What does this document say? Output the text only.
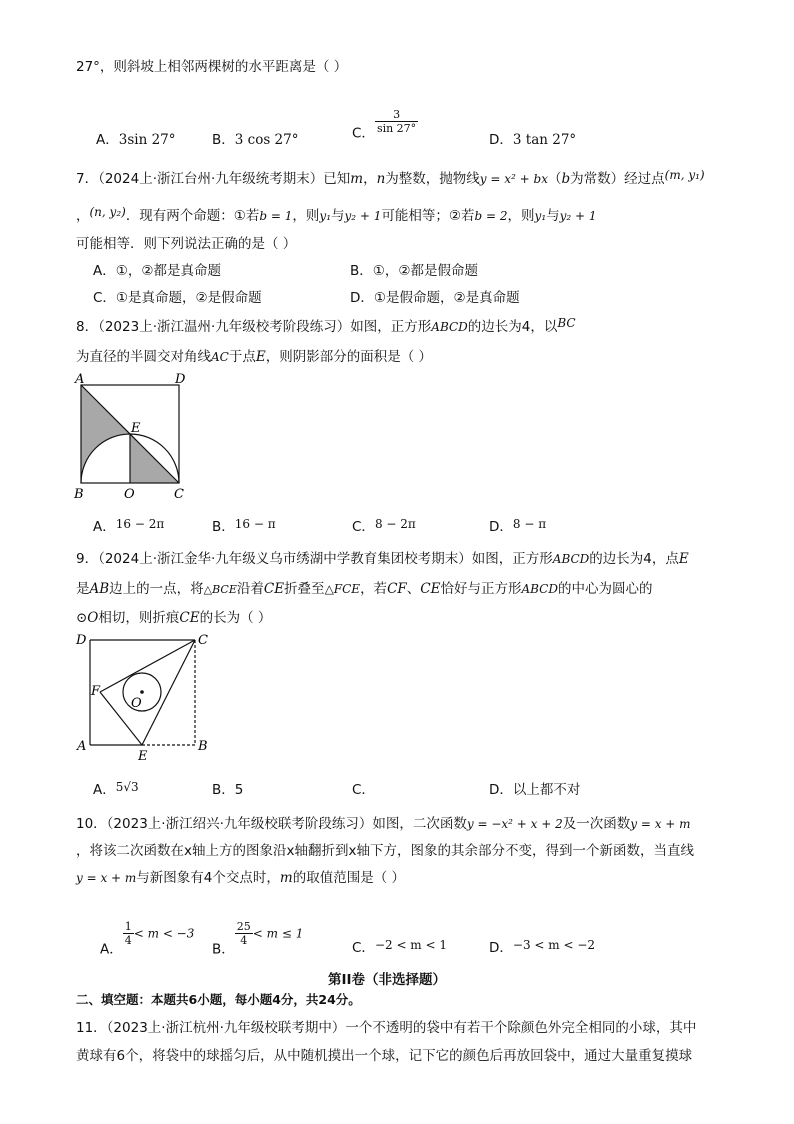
27°，则斜坡上相邻两棵树的水平距离是（ ）
A．3sin 27°	B．3 cos 27°	C． $\frac{3}{\sin 27^\circ}$
D．3 tan 27°
7．（2024上·浙江台州·九年级统考期末）已知m，n为整数，抛物线y = x² + bx（b为常数）经过点(m, y₁)
，(n, y₂)．现有两个命题：①若b = 1，则y₁与y₂ + 1可能相等；②若b = 2，则y₁与y₂ + 1
可能相等．则下列说法正确的是（ ）
A．①，②都是真命题	B．①，②都是假命题
C．①是真命题，②是假命题	D．①是假命题，②是真命题
8．（2023上·浙江温州·九年级校考阶段练习）如图，正方形ABCD的边长为4，以BC
为直径的半圆交对角线AC于点E，则阴影部分的面积是（ ）
A	D
E
B	O	C
A．16 − 2π	B．16 − π	C．8 − 2π	D．8 − π
9．（2024上·浙江金华·九年级义乌市绣湖中学教育集团校考期末）如图，正方形ABCD的边长为4，点E
是AB边上的一点，将△BCE沿着CE折叠至△FCE，若CF、CE恰好与正方形ABCD的中心为圆心的
⊙O相切，则折痕CE的长为（ ）
D	C
F
O
A
E
B
A．5√3	B．5	C．	D．以上都不对
10．（2023上·浙江绍兴·九年级校联考阶段练习）如图，二次函数y = −x² + x + 2及一次函数y = x + m
，将该二次函数在x轴上方的图象沿x轴翻折到x轴下方，图象的其余部分不变，得到一个新函数，当直线
y = x + m与新图象有4个交点时，m的取值范围是（ ）
A．
$\frac{1}{4} < m < -3$
B．
$\frac{25}{4} < m \le 1$
C．−2 < m < 1	D．−3 < m < −2
第II卷（非选择题）
二、填空题：本题共6小题，每小题4分，共24分。
11．（2023上·浙江杭州·九年级校联考期中）一个不透明的袋中有若干个除颜色外完全相同的小球，其中
黄球有6个，将袋中的球摇匀后，从中随机摸出一个球，记下它的颜色后再放回袋中，通过大量重复摸球
